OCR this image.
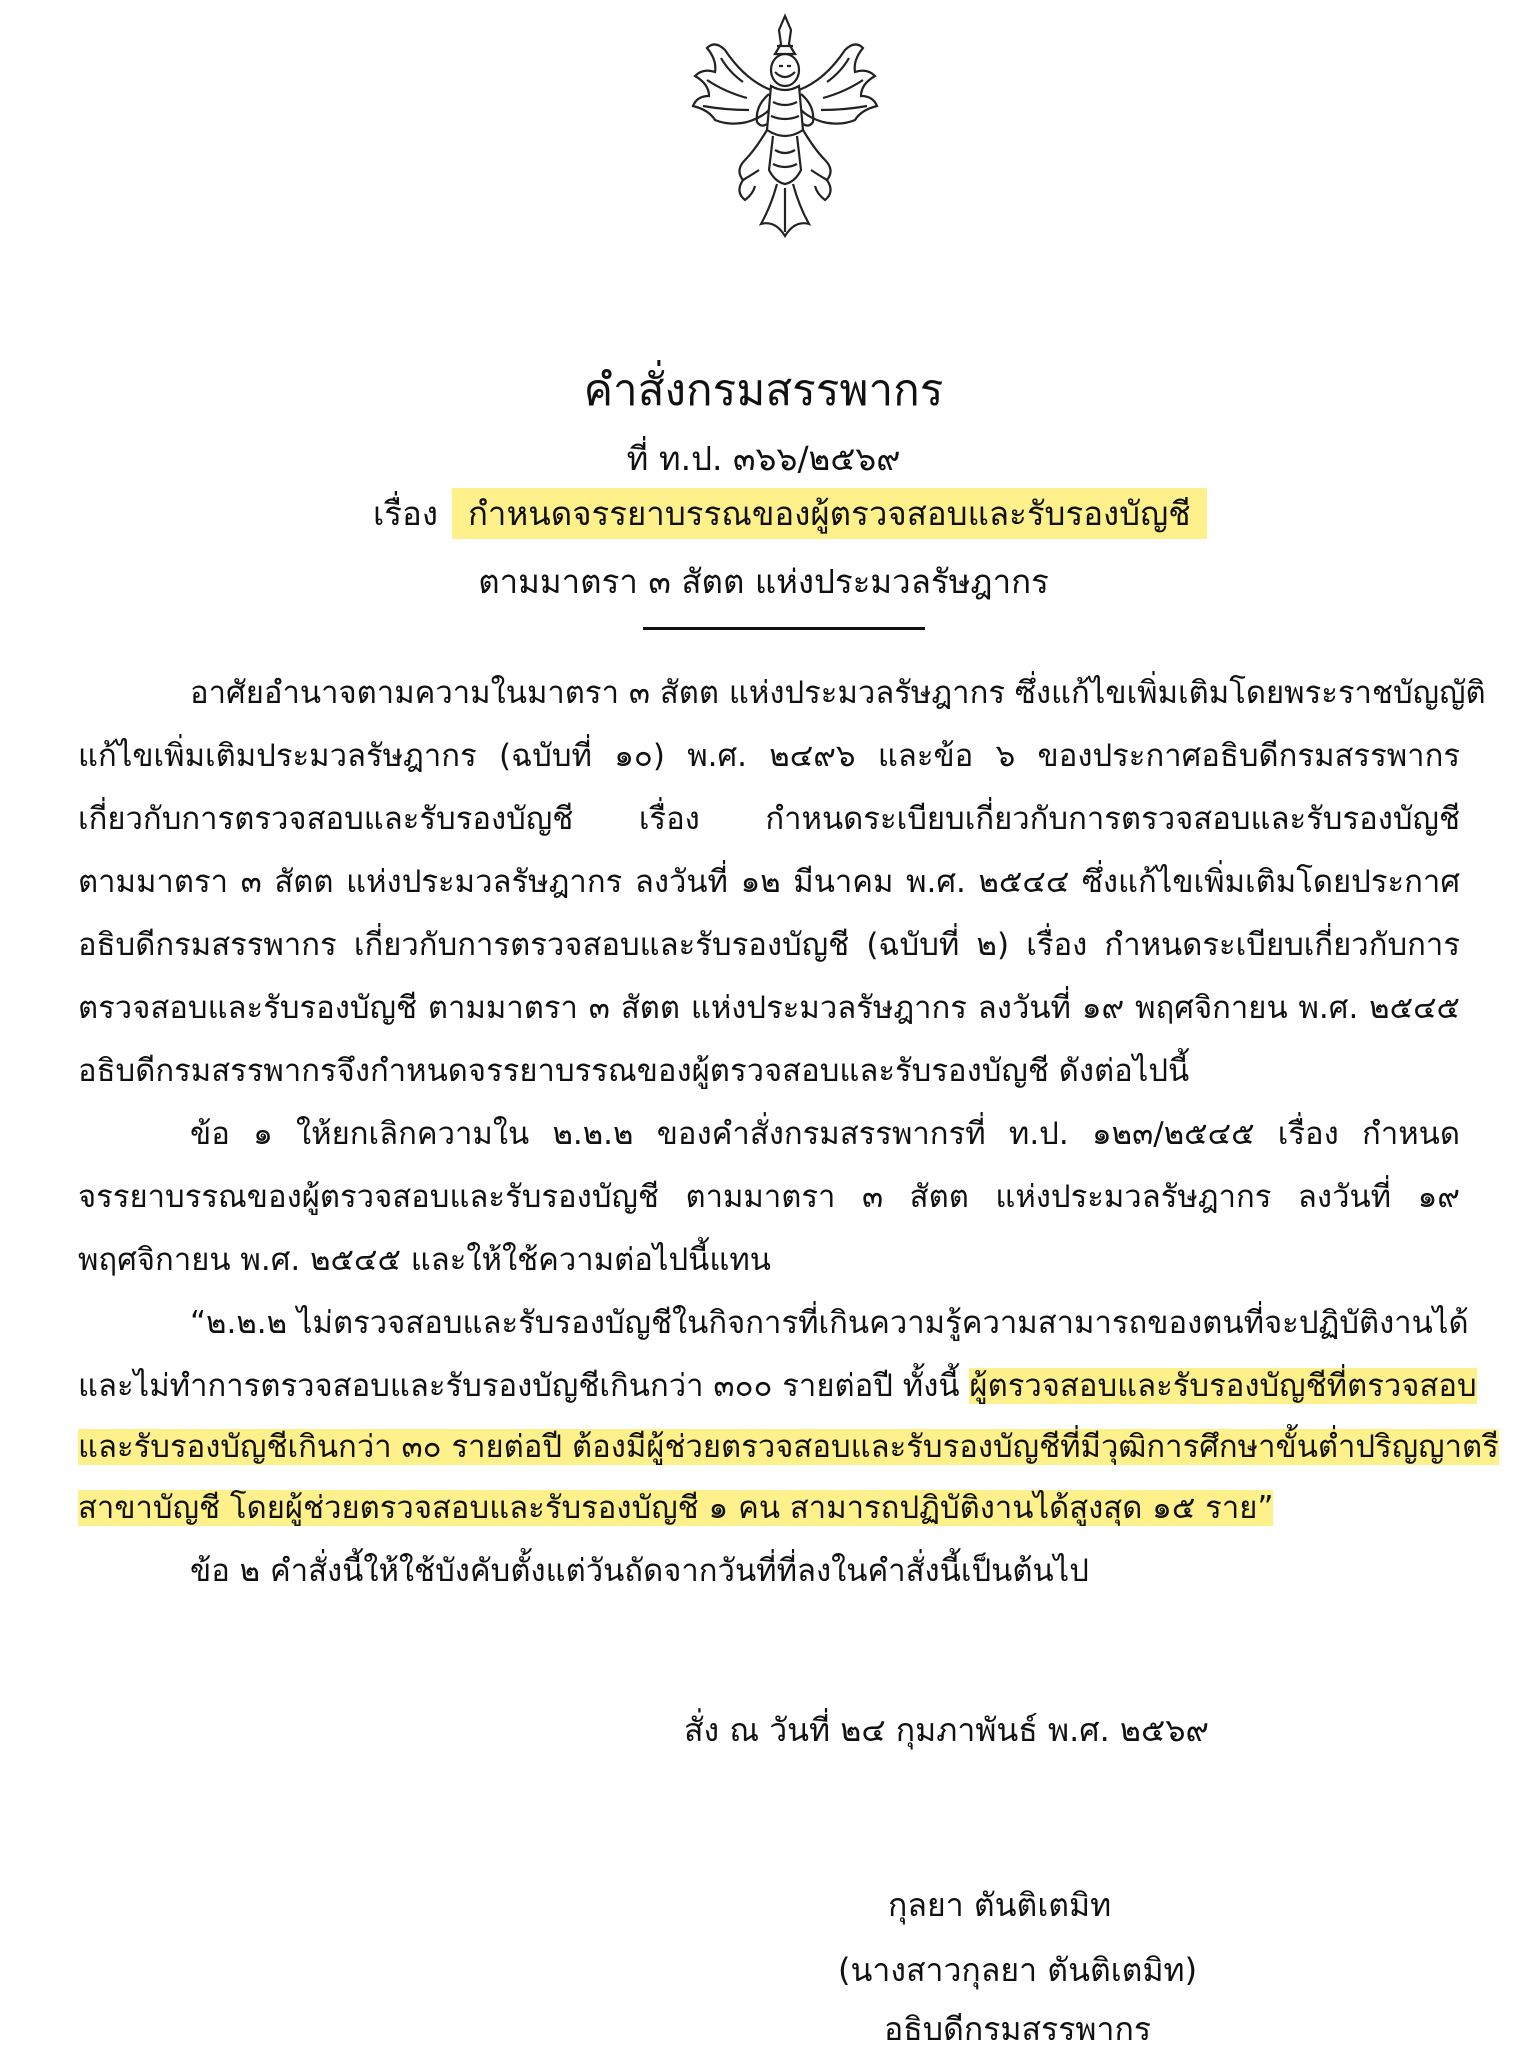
คำสั่งกรมสรรพากร
ที่ ท.ป. ๓๖๖/๒๕๖๙
เรื่อง กำหนดจรรยาบรรณของผู้ตรวจสอบและรับรองบัญชี
ตามมาตรา ๓ สัตต แห่งประมวลรัษฎากร
อาศัยอำนาจตามความในมาตรา ๓ สัตต แห่งประมวลรัษฎากร ซึ่งแก้ไขเพิ่มเติมโดยพระราชบัญญัติ
แก้ไขเพิ่มเติมประมวลรัษฎากร (ฉบับที่ ๑๐) พ.ศ. ๒๔๙๖ และข้อ ๖ ของประกาศอธิบดีกรมสรรพากร
เกี่ยวกับการตรวจสอบและรับรองบัญชี เรื่อง กำหนดระเบียบเกี่ยวกับการตรวจสอบและรับรองบัญชี
ตามมาตรา ๓ สัตต แห่งประมวลรัษฎากร ลงวันที่ ๑๒ มีนาคม พ.ศ. ๒๕๔๔ ซึ่งแก้ไขเพิ่มเติมโดยประกาศ
อธิบดีกรมสรรพากร เกี่ยวกับการตรวจสอบและรับรองบัญชี (ฉบับที่ ๒) เรื่อง กำหนดระเบียบเกี่ยวกับการ
ตรวจสอบและรับรองบัญชี ตามมาตรา ๓ สัตต แห่งประมวลรัษฎากร ลงวันที่ ๑๙ พฤศจิกายน พ.ศ. ๒๕๔๕
อธิบดีกรมสรรพากรจึงกำหนดจรรยาบรรณของผู้ตรวจสอบและรับรองบัญชี ดังต่อไปนี้
ข้อ ๑ ให้ยกเลิกความใน ๒.๒.๒ ของคำสั่งกรมสรรพากรที่ ท.ป. ๑๒๓/๒๕๔๕ เรื่อง กำหนด
จรรยาบรรณของผู้ตรวจสอบและรับรองบัญชี ตามมาตรา ๓ สัตต แห่งประมวลรัษฎากร ลงวันที่ ๑๙
พฤศจิกายน พ.ศ. ๒๕๔๕ และให้ใช้ความต่อไปนี้แทน
“๒.๒.๒ ไม่ตรวจสอบและรับรองบัญชีในกิจการที่เกินความรู้ความสามารถของตนที่จะปฏิบัติงานได้
และไม่ทำการตรวจสอบและรับรองบัญชีเกินกว่า ๓๐๐ รายต่อปี ทั้งนี้ ผู้ตรวจสอบและรับรองบัญชีที่ตรวจสอบ
และรับรองบัญชีเกินกว่า ๓๐ รายต่อปี ต้องมีผู้ช่วยตรวจสอบและรับรองบัญชีที่มีวุฒิการศึกษาขั้นต่ำปริญญาตรี
สาขาบัญชี โดยผู้ช่วยตรวจสอบและรับรองบัญชี ๑ คน สามารถปฏิบัติงานได้สูงสุด ๑๕ ราย”
ข้อ ๒ คำสั่งนี้ให้ใช้บังคับตั้งแต่วันถัดจากวันที่ที่ลงในคำสั่งนี้เป็นต้นไป
สั่ง ณ วันที่ ๒๔ กุมภาพันธ์ พ.ศ. ๒๕๖๙
กุลยา ตันติเตมิท
(นางสาวกุลยา ตันติเตมิท)
อธิบดีกรมสรรพากร
